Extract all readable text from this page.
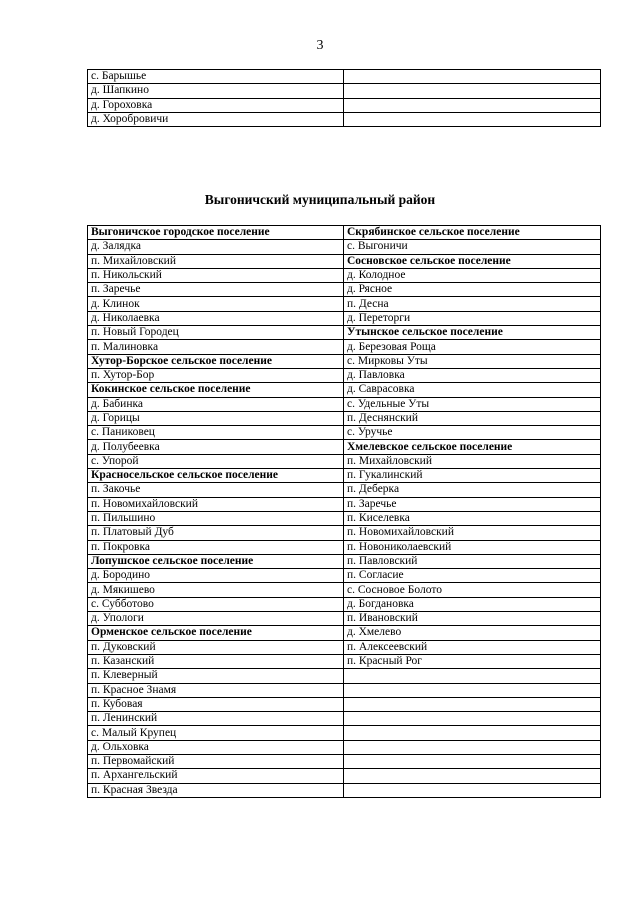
3
с. Барышье	
д. Шапкино	
д. Гороховка	
д. Хоробровичи	
Выгоничский муниципальный район
Выгоничское городское поселение	Скрябинское сельское поселение
д. Залядка	с. Выгоничи
п. Михайловский	Сосновское сельское поселение
п. Никольский	д. Колодное
п. Заречье	д. Рясное
д. Клинок	п. Десна
д. Николаевка	д. Переторги
п. Новый Городец	Утынское сельское поселение
п. Малиновка	д. Березовая Роща
Хутор-Борское сельское поселение	с. Мирковы Уты
п. Хутор-Бор	д. Павловка
Кокинское сельское поселение	д. Саврасовка
д. Бабинка	с. Удельные Уты
д. Горицы	п. Деснянский
с. Паниковец	с. Уручье
д. Полубеевка	Хмелевское сельское поселение
с. Упорой	п. Михайловский
Красносельское сельское поселение	п. Гукалинский
п. Закочье	п. Деберка
п. Новомихайловский	п. Заречье
п. Пильшино	п. Киселевка
п. Платовый Дуб	п. Новомихайловский
п. Покровка	п. Новониколаевский
Лопушское сельское поселение	п. Павловский
д. Бородино	п. Согласие
д. Мякишево	с. Сосновое Болото
с. Субботово	д. Богдановка
д. Упологи	п. Ивановский
Орменское сельское поселение	д. Хмелево
п. Дуковский	п. Алексеевский
п. Казанский	п. Красный Рог
п. Клеверный	
п. Красное Знамя	
п. Кубовая	
п. Ленинский	
с. Малый Крупец	
д. Ольховка	
п. Первомайский	
п. Архангельский	
п. Красная Звезда	
